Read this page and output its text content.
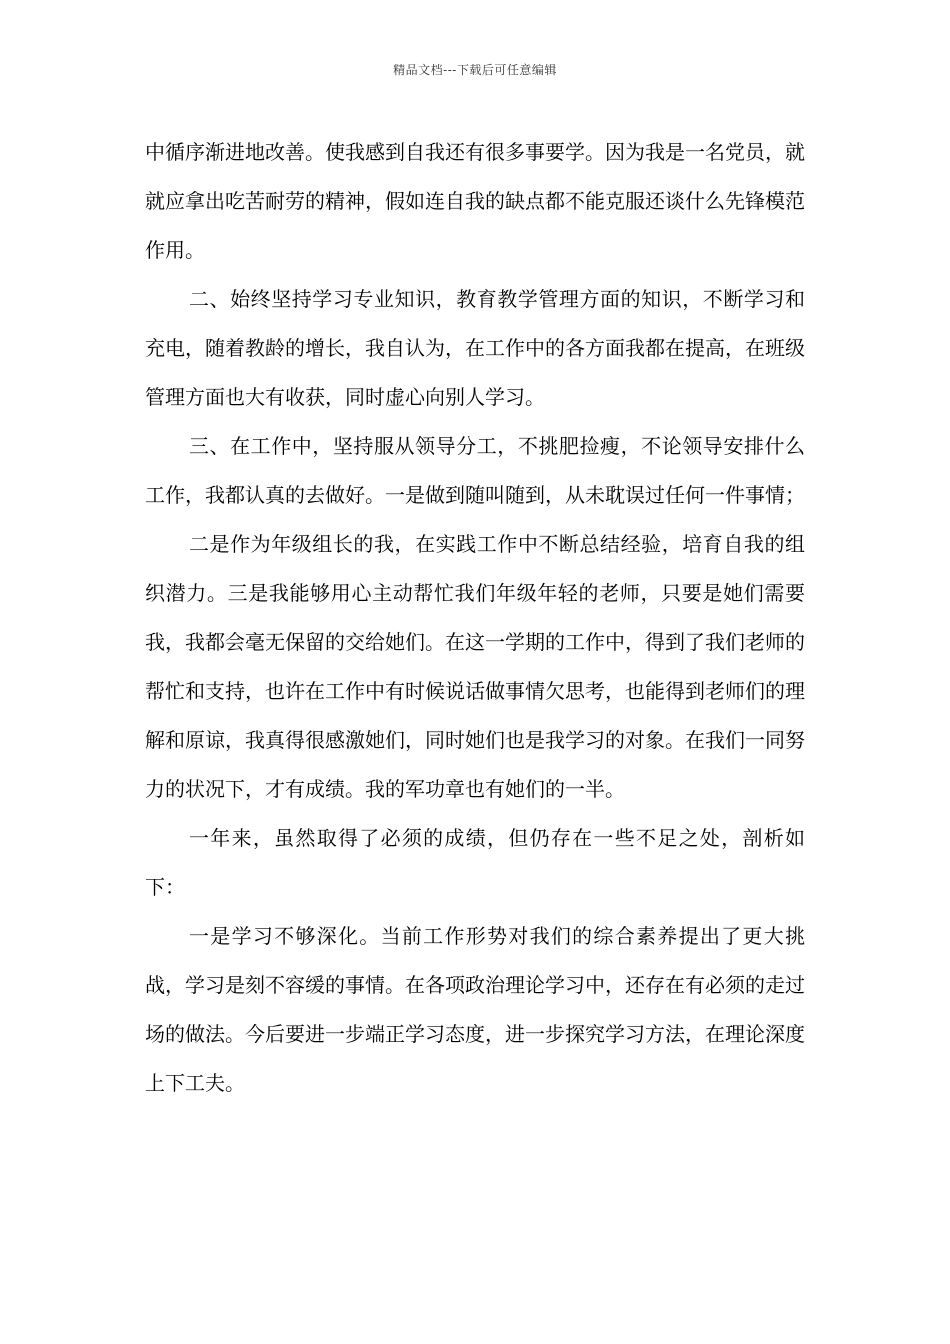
精品文档---下载后可任意编辑

中循序渐进地改善。使我感到自我还有很多事要学。因为我是一名党员，就就应拿出吃苦耐劳的精神，假如连自我的缺点都不能克服还谈什么先锋模范作用。

二、始终坚持学习专业知识，教育教学管理方面的知识，不断学习和充电，随着教龄的增长，我自认为，在工作中的各方面我都在提高，在班级管理方面也大有收获，同时虚心向别人学习。

三、在工作中，坚持服从领导分工，不挑肥捡瘦，不论领导安排什么工作，我都认真的去做好。一是做到随叫随到，从未耽误过任何一件事情；

二是作为年级组长的我，在实践工作中不断总结经验，培育自我的组织潜力。三是我能够用心主动帮忙我们年级年轻的老师，只要是她们需要我，我都会毫无保留的交给她们。在这一学期的工作中，得到了我们老师的帮忙和支持，也许在工作中有时候说话做事情欠思考，也能得到老师们的理解和原谅，我真得很感激她们，同时她们也是我学习的对象。在我们一同努力的状况下，才有成绩。我的军功章也有她们的一半。

一年来，虽然取得了必须的成绩，但仍存在一些不足之处，剖析如下：

一是学习不够深化。当前工作形势对我们的综合素养提出了更大挑战，学习是刻不容缓的事情。在各项政治理论学习中，还存在有必须的走过场的做法。今后要进一步端正学习态度，进一步探究学习方法，在理论深度上下工夫。
